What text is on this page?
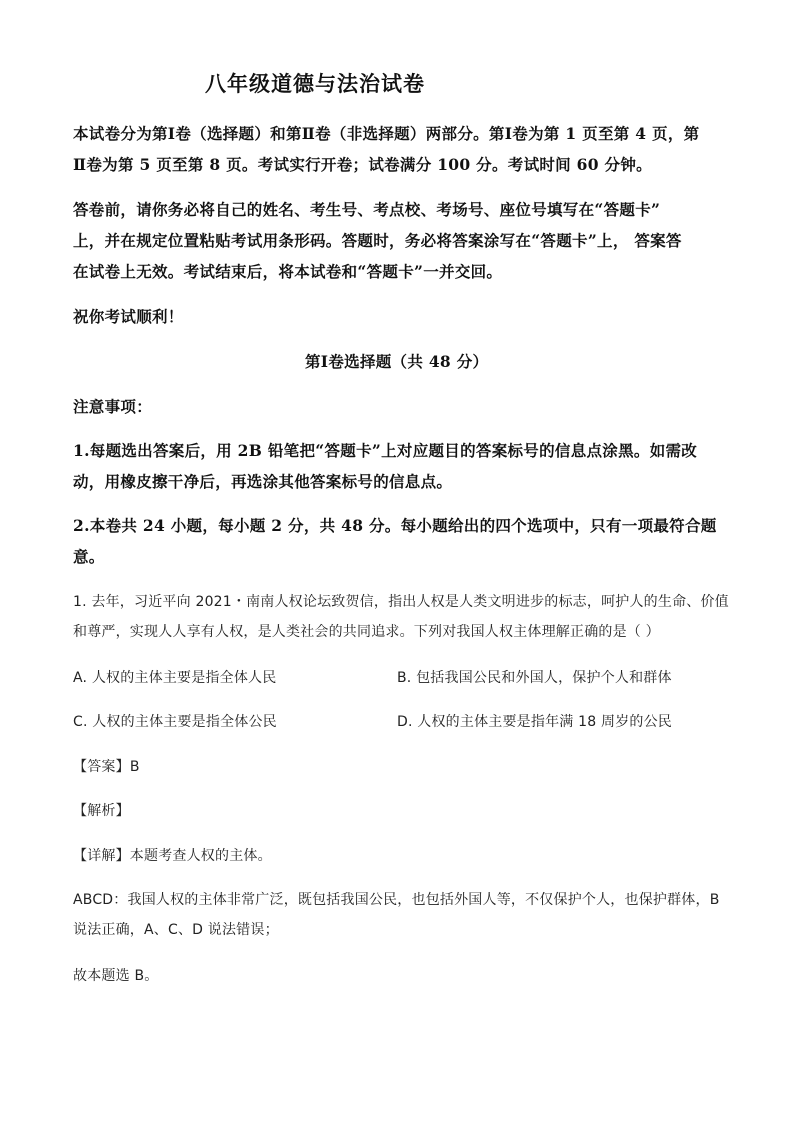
八年级道德与法治试卷
本试卷分为第Ⅰ卷（选择题）和第Ⅱ卷（非选择题）两部分。第Ⅰ卷为第 1 页至第 4 页，第
Ⅱ卷为第 5 页至第 8 页。考试实行开卷；试卷满分 100 分。考试时间 60 分钟。
答卷前，请你务必将自己的姓名、考生号、考点校、考场号、座位号填写在“答题卡”
上，并在规定位置粘贴考试用条形码。答题时，务必将答案涂写在“答题卡”上， 答案答
在试卷上无效。考试结束后，将本试卷和“答题卡”一并交回。
祝你考试顺利！
第Ⅰ卷选择题（共 48 分）
注意事项：
1.每题选出答案后，用 2B 铅笔把“答题卡”上对应题目的答案标号的信息点涂黑。如需改
动，用橡皮擦干净后，再选涂其他答案标号的信息点。
2.本卷共 24 小题，每小题 2 分，共 48 分。每小题给出的四个选项中，只有一项最符合题
意。
1. 去年，习近平向 2021・南南人权论坛致贺信，指出人权是人类文明进步的标志，呵护人的生命、价值
和尊严，实现人人享有人权，是人类社会的共同追求。下列对我国人权主体理解正确的是（ ）
A. 人权的主体主要是指全体人民	B. 包括我国公民和外国人，保护个人和群体
C. 人权的主体主要是指全体公民	D. 人权的主体主要是指年满 18 周岁的公民
【答案】B
【解析】
【详解】本题考查人权的主体。
ABCD：我国人权的主体非常广泛，既包括我国公民，也包括外国人等，不仅保护个人，也保护群体，B
说法正确，A、C、D 说法错误；
故本题选 B。
